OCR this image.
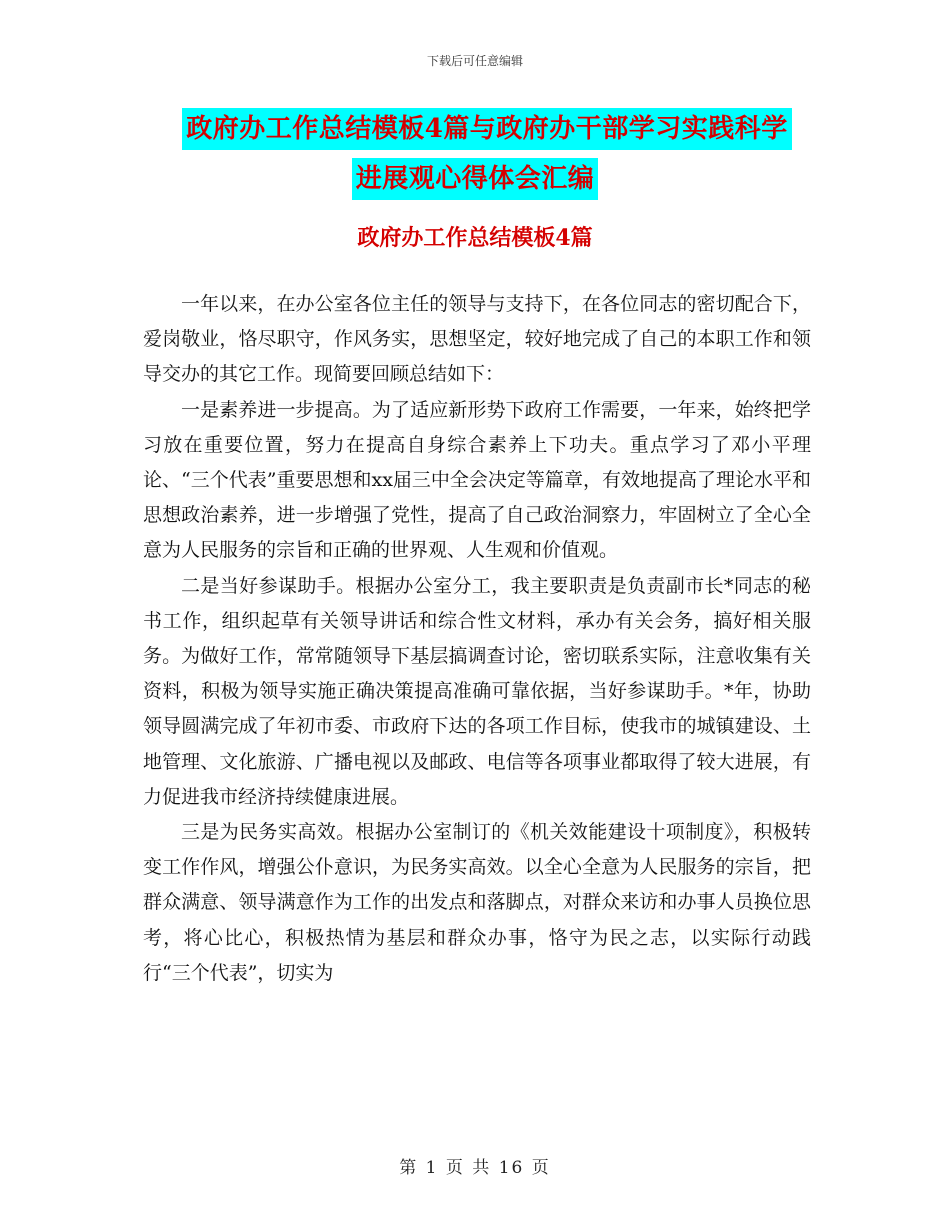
下载后可任意编辑
政府办工作总结模板4篇与政府办干部学习实践科学
进展观心得体会汇编
政府办工作总结模板4篇

一年以来，在办公室各位主任的领导与支持下，在各位同志的密切配合下，爱岗敬业，恪尽职守，作风务实，思想坚定，较好地完成了自己的本职工作和领导交办的其它工作。现简要回顾总结如下：

一是素养进一步提高。为了适应新形势下政府工作需要，一年来，始终把学习放在重要位置，努力在提高自身综合素养上下功夫。重点学习了邓小平理论、“三个代表”重要思想和xx届三中全会决定等篇章，有效地提高了理论水平和思想政治素养，进一步增强了党性，提高了自己政治洞察力，牢固树立了全心全意为人民服务的宗旨和正确的世界观、人生观和价值观。

二是当好参谋助手。根据办公室分工，我主要职责是负责副市长*同志的秘书工作，组织起草有关领导讲话和综合性文材料，承办有关会务，搞好相关服务。为做好工作，常常随领导下基层搞调查讨论，密切联系实际，注意收集有关资料，积极为领导实施正确决策提高准确可靠依据，当好参谋助手。*年，协助领导圆满完成了年初市委、市政府下达的各项工作目标，使我市的城镇建设、土地管理、文化旅游、广播电视以及邮政、电信等各项事业都取得了较大进展，有力促进我市经济持续健康进展。

三是为民务实高效。根据办公室制订的《机关效能建设十项制度》，积极转变工作作风，增强公仆意识，为民务实高效。以全心全意为人民服务的宗旨，把群众满意、领导满意作为工作的出发点和落脚点，对群众来访和办事人员换位思考，将心比心，积极热情为基层和群众办事，恪守为民之志，以实际行动践行“三个代表”，切实为

第 1 页 共 16 页
